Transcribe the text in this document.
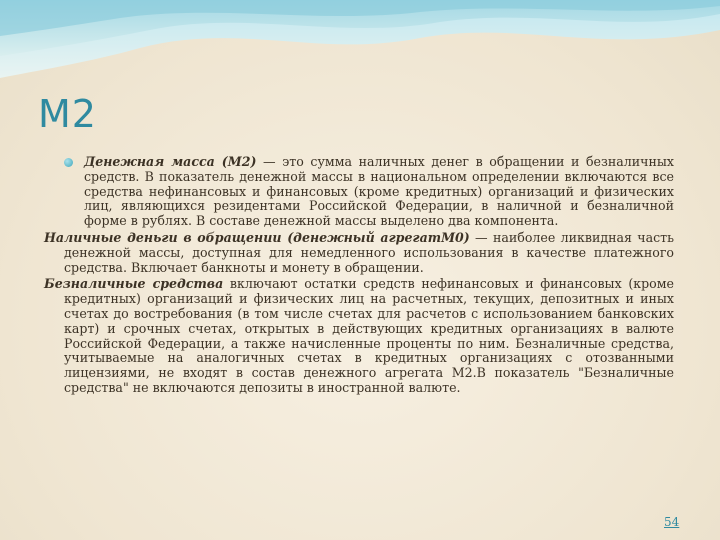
М2

Денежная масса (М2) — это сумма наличных денег в обращении и безналичных средств. В показатель денежной массы в национальном определении включаются все средства нефинансовых и финансовых (кроме кредитных) организаций и физических лиц, являющихся резидентами Российской Федерации, в наличной и безналичной форме в рублях. В составе денежной массы выделено два компонента.

Наличные деньги в обращении (денежный агрегатМ0) — наиболее ликвидная часть денежной массы, доступная для немедленного использования в качестве платежного средства. Включает банкноты и монету в обращении.

Безналичные средства включают остатки средств нефинансовых и финансовых (кроме кредитных) организаций и физических лиц на расчетных, текущих, депозитных и иных счетах до востребования (в том числе счетах для расчетов с использованием банковских карт) и срочных счетах, открытых в действующих кредитных организациях в валюте Российской Федерации, а также начисленные проценты по ним. Безналичные средства, учитываемые на аналогичных счетах в кредитных организациях с отозванными лицензиями, не входят в состав денежного агрегата М2.В показатель "Безналичные средства" не включаются депозиты в иностранной валюте.

54
